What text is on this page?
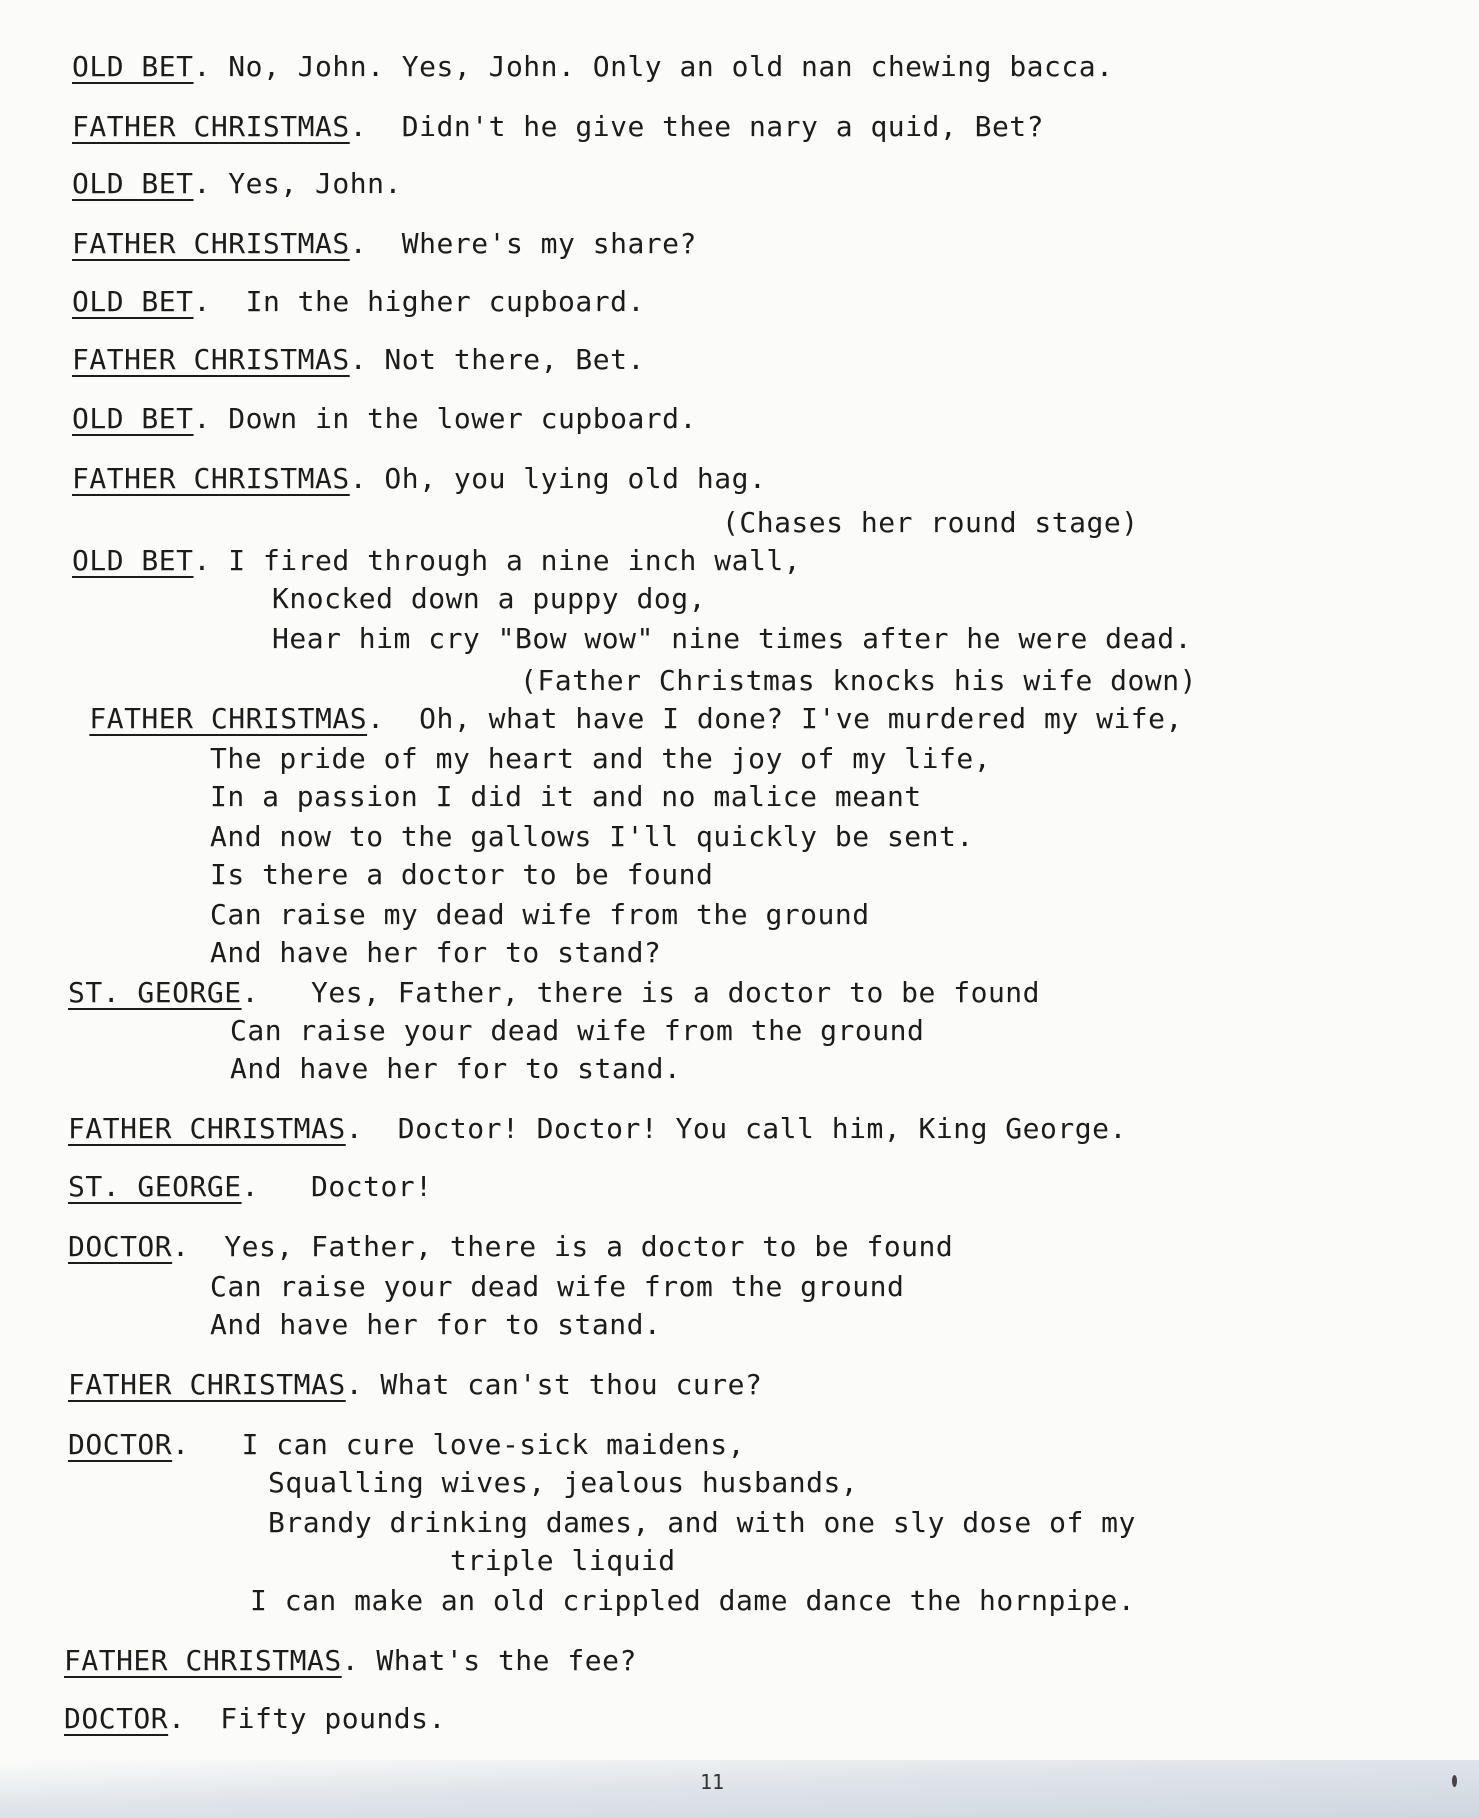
OLD BET. No, John. Yes, John. Only an old nan chewing bacca.
FATHER CHRISTMAS.  Didn't he give thee nary a quid, Bet?
OLD BET. Yes, John.
FATHER CHRISTMAS.  Where's my share?
OLD BET.  In the higher cupboard.
FATHER CHRISTMAS. Not there, Bet.
OLD BET. Down in the lower cupboard.
FATHER CHRISTMAS. Oh, you lying old hag.
(Chases her round stage)
OLD BET. I fired through a nine inch wall,
Knocked down a puppy dog,
Hear him cry "Bow wow" nine times after he were dead.
(Father Christmas knocks his wife down)
FATHER CHRISTMAS.  Oh, what have I done? I've murdered my wife,
The pride of my heart and the joy of my life,
In a passion I did it and no malice meant
And now to the gallows I'll quickly be sent.
Is there a doctor to be found
Can raise my dead wife from the ground
And have her for to stand?
ST. GEORGE.   Yes, Father, there is a doctor to be found
Can raise your dead wife from the ground
And have her for to stand.
FATHER CHRISTMAS.  Doctor! Doctor! You call him, King George.
ST. GEORGE.   Doctor!
DOCTOR.  Yes, Father, there is a doctor to be found
Can raise your dead wife from the ground
And have her for to stand.
FATHER CHRISTMAS. What can'st thou cure?
DOCTOR.   I can cure love-sick maidens,
Squalling wives, jealous husbands,
Brandy drinking dames, and with one sly dose of my
triple liquid
I can make an old crippled dame dance the hornpipe.
FATHER CHRISTMAS. What's the fee?
DOCTOR.  Fifty pounds.
11
